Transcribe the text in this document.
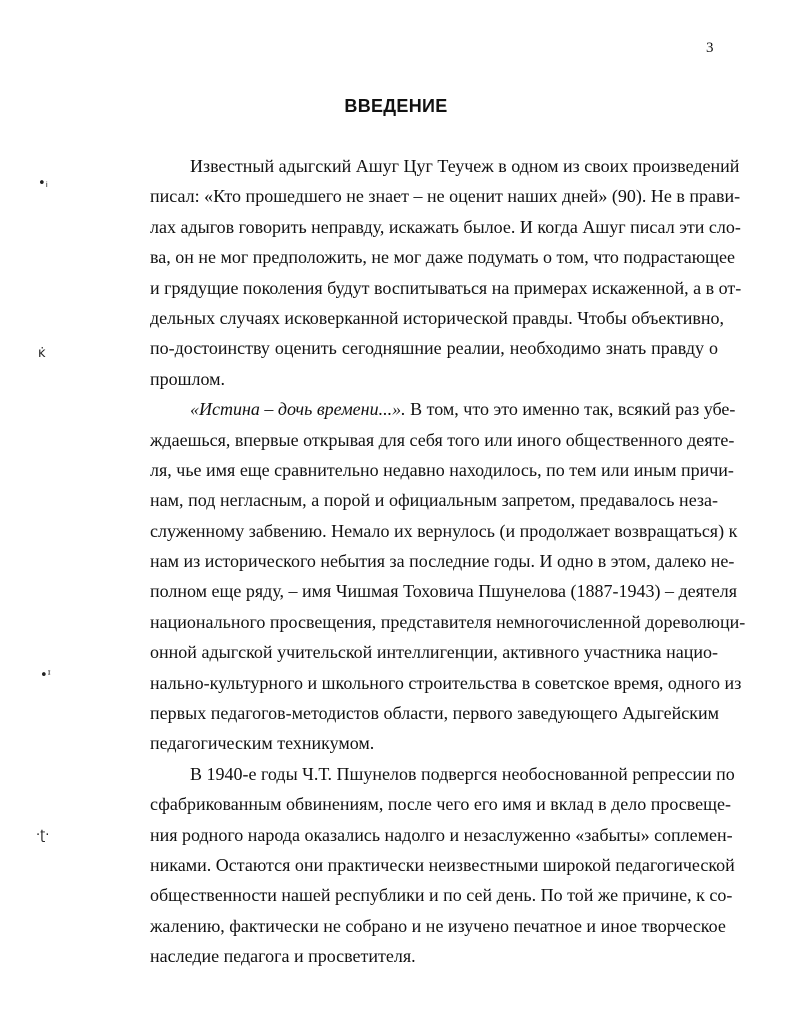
3
ВВЕДЕНИЕ
•ᵢ
ᴋ̇
•ᶦ
·ʈ·
Известный адыгский Ашуг Цуг Теучеж в одном из своих произведений
писал: «Кто прошедшего не знает – не оценит наших дней» (90). Не в прави-
лах адыгов говорить неправду, искажать былое. И когда Ашуг писал эти сло-
ва, он не мог предположить, не мог даже подумать о том, что подрастающее
и грядущие поколения будут воспитываться на примерах искаженной, а в от-
дельных случаях исковерканной исторической правды. Чтобы объективно,
по-достоинству оценить сегодняшние реалии, необходимо знать правду о
прошлом.
«Истина – дочь времени...». В том, что это именно так, всякий раз убе-
ждаешься, впервые открывая для себя того или иного общественного деяте-
ля, чье имя еще сравнительно недавно находилось, по тем или иным причи-
нам, под негласным, а порой и официальным запретом, предавалось неза-
служенному забвению. Немало их вернулось (и продолжает возвращаться) к
нам из исторического небытия за последние годы. И одно в этом, далеко не-
полном еще ряду, – имя Чишмая Тоховича Пшунелова (1887-1943) – деятеля
национального просвещения, представителя немногочисленной дореволюци-
онной адыгской учительской интеллигенции, активного участника нацио-
нально-культурного и школьного строительства в советское время, одного из
первых педагогов-методистов области, первого заведующего Адыгейским
педагогическим техникумом.
В 1940-е годы Ч.Т. Пшунелов подвергся необоснованной репрессии по
сфабрикованным обвинениям, после чего его имя и вклад в дело просвеще-
ния родного народа оказались надолго и незаслуженно «забыты» соплемен-
никами. Остаются они практически неизвестными широкой педагогической
общественности нашей республики и по сей день. По той же причине, к со-
жалению, фактически не собрано и не изучено печатное и иное творческое
наследие педагога и просветителя.
